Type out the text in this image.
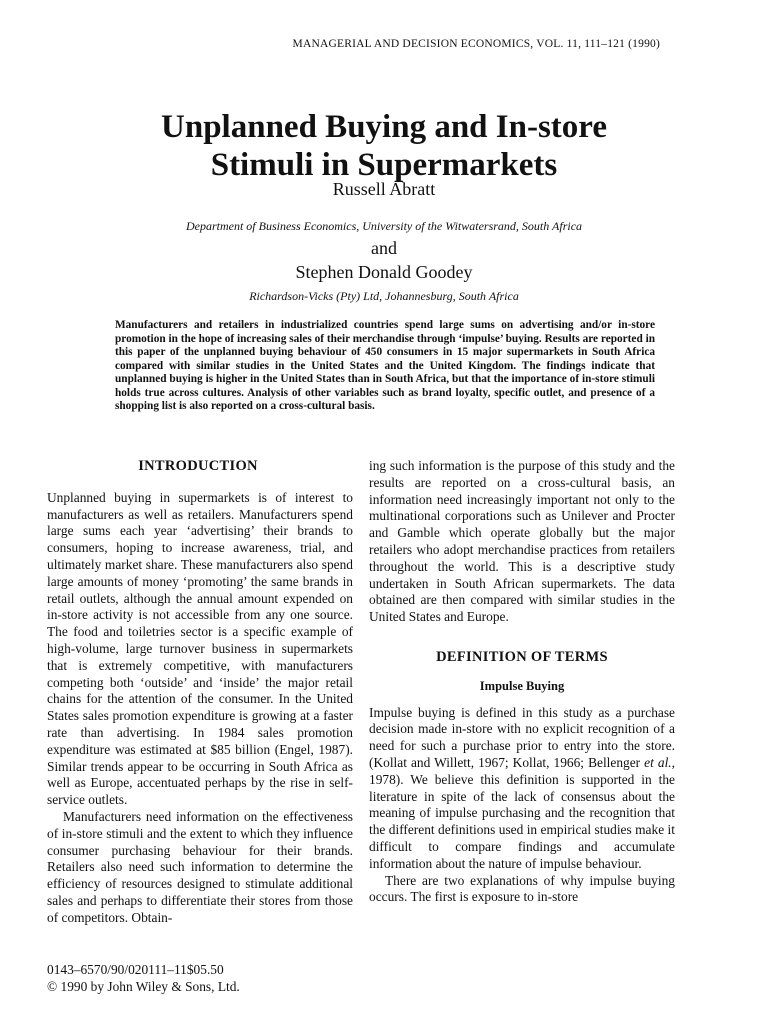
MANAGERIAL AND DECISION ECONOMICS, VOL. 11, 111–121 (1990)
Unplanned Buying and In-store
Stimuli in Supermarkets
Russell Abratt
Department of Business Economics, University of the Witwatersrand, South Africa
and
Stephen Donald Goodey
Richardson-Vicks (Pty) Ltd, Johannesburg, South Africa
Manufacturers and retailers in industrialized countries spend large sums on advertising and/or in-store promotion in the hope of increasing sales of their merchandise through ‘impulse’ buying. Results are reported in this paper of the unplanned buying behaviour of 450 consumers in 15 major supermarkets in South Africa compared with similar studies in the United States and the United Kingdom. The findings indicate that unplanned buying is higher in the United States than in South Africa, but that the importance of in-store stimuli holds true across cultures. Analysis of other variables such as brand loyalty, specific outlet, and presence of a shopping list is also reported on a cross-cultural basis.
INTRODUCTION

Unplanned buying in supermarkets is of interest to manufacturers as well as retailers. Manufacturers spend large sums each year ‘advertising’ their brands to consumers, hoping to increase awareness, trial, and ultimately market share. These manufacturers also spend large amounts of money ‘promoting’ the same brands in retail outlets, although the annual amount expended on in-store activity is not accessible from any one source. The food and toiletries sector is a specific example of high-volume, large turnover business in supermarkets that is extremely competitive, with manufacturers competing both ‘outside’ and ‘inside’ the major retail chains for the attention of the consumer. In the United States sales promotion expenditure is growing at a faster rate than advertising. In 1984 sales promotion expenditure was estimated at $85 billion (Engel, 1987). Similar trends appear to be occurring in South Africa as well as Europe, accentuated perhaps by the rise in self-service outlets.

Manufacturers need information on the effectiveness of in-store stimuli and the extent to which they influence consumer purchasing behaviour for their brands. Retailers also need such information to determine the efficiency of resources designed to stimulate additional sales and perhaps to differentiate their stores from those of competitors. Obtain-

ing such information is the purpose of this study and the results are reported on a cross-cultural basis, an information need increasingly important not only to the multinational corporations such as Unilever and Procter and Gamble which operate globally but the major retailers who adopt merchandise practices from retailers throughout the world. This is a descriptive study undertaken in South African supermarkets. The data obtained are then compared with similar studies in the United States and Europe.

DEFINITION OF TERMS
Impulse Buying

Impulse buying is defined in this study as a purchase decision made in-store with no explicit recognition of a need for such a purchase prior to entry into the store. (Kollat and Willett, 1967; Kollat, 1966; Bellenger et al., 1978). We believe this definition is supported in the literature in spite of the lack of consensus about the meaning of impulse purchasing and the recognition that the different definitions used in empirical studies make it difficult to compare findings and accumulate information about the nature of impulse behaviour.

There are two explanations of why impulse buying occurs. The first is exposure to in-store

0143–6570/90/020111–11$05.50
© 1990 by John Wiley & Sons, Ltd.
